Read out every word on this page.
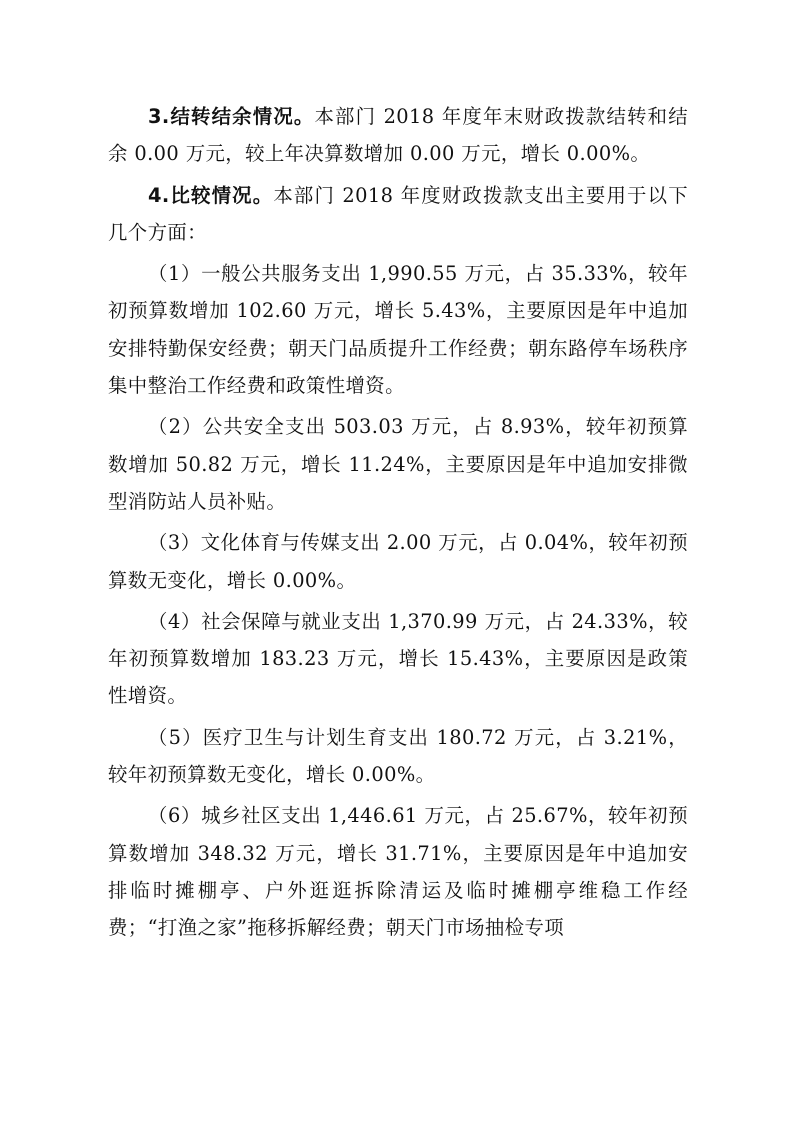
3.结转结余情况。本部门 2018 年度年末财政拨款结转和结余 0.00 万元，较上年决算数增加 0.00 万元，增长 0.00%。

4.比较情况。本部门 2018 年度财政拨款支出主要用于以下几个方面：

（1）一般公共服务支出 1,990.55 万元，占 35.33%，较年初预算数增加 102.60 万元，增长 5.43%，主要原因是年中追加安排特勤保安经费；朝天门品质提升工作经费；朝东路停车场秩序集中整治工作经费和政策性增资。

（2）公共安全支出 503.03 万元，占 8.93%，较年初预算数增加 50.82 万元，增长 11.24%，主要原因是年中追加安排微型消防站人员补贴。

（3）文化体育与传媒支出 2.00 万元，占 0.04%，较年初预算数无变化，增长 0.00%。

（4）社会保障与就业支出 1,370.99 万元，占 24.33%，较年初预算数增加 183.23 万元，增长 15.43%，主要原因是政策性增资。

（5）医疗卫生与计划生育支出 180.72 万元，占 3.21%，较年初预算数无变化，增长 0.00%。

（6）城乡社区支出 1,446.61 万元，占 25.67%，较年初预算数增加 348.32 万元，增长 31.71%，主要原因是年中追加安排临时摊棚亭、户外逛逛拆除清运及临时摊棚亭维稳工作经费；“打渔之家”拖移拆解经费；朝天门市场抽检专项
